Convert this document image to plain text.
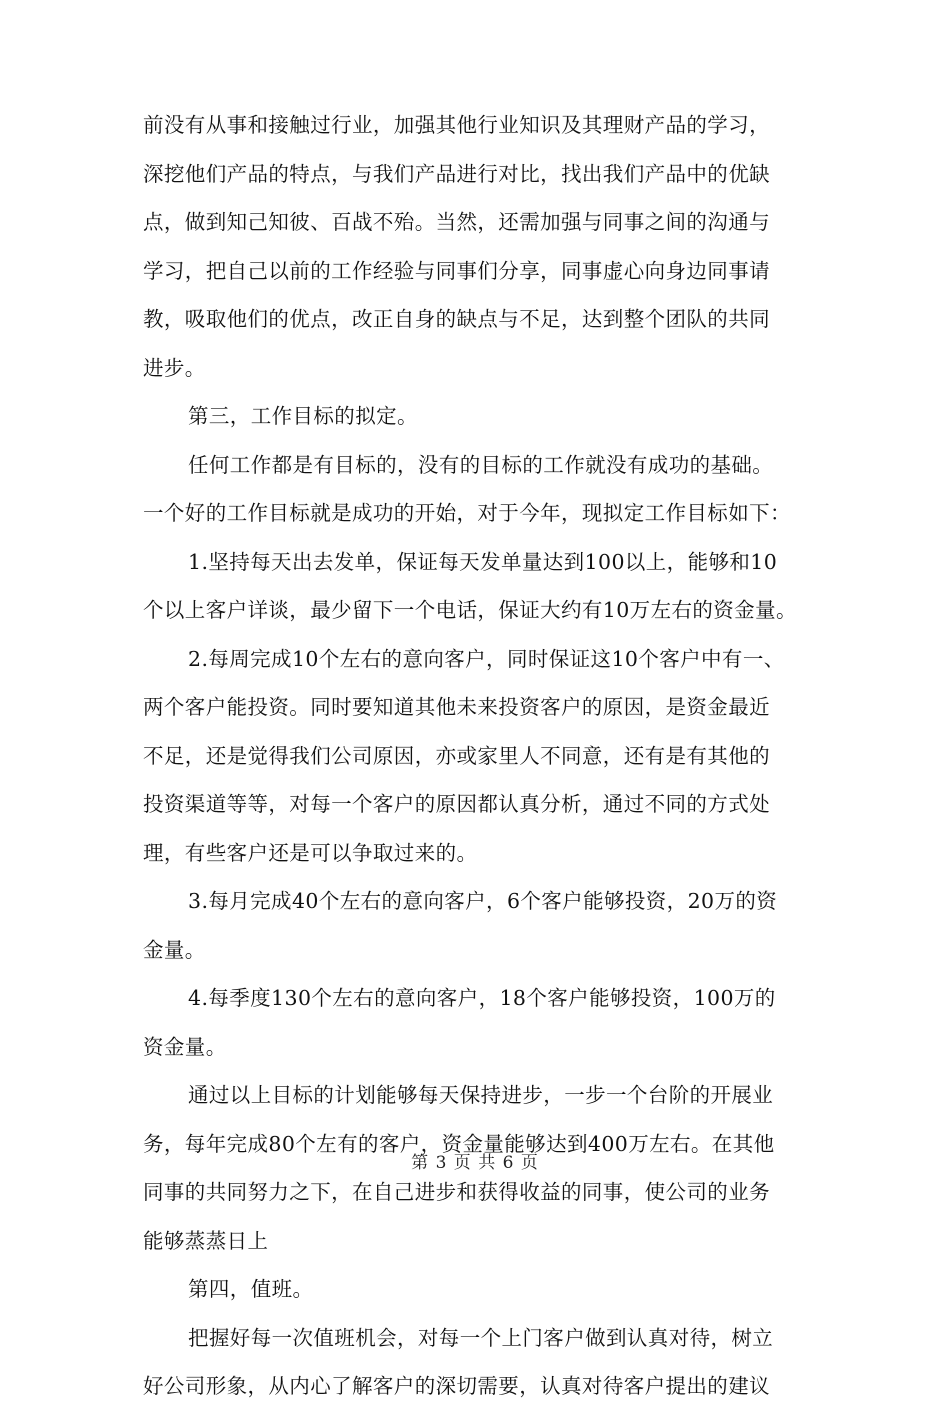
前没有从事和接触过行业，加强其他行业知识及其理财产品的学习，
深挖他们产品的特点，与我们产品进行对比，找出我们产品中的优缺
点，做到知己知彼、百战不殆。当然，还需加强与同事之间的沟通与
学习，把自己以前的工作经验与同事们分享，同事虚心向身边同事请
教，吸取他们的优点，改正自身的缺点与不足，达到整个团队的共同
进步。
第三，工作目标的拟定。
任何工作都是有目标的，没有的目标的工作就没有成功的基础。
一个好的工作目标就是成功的开始，对于今年，现拟定工作目标如下：
1.坚持每天出去发单，保证每天发单量达到100以上，能够和10
个以上客户详谈，最少留下一个电话，保证大约有10万左右的资金量。
2.每周完成10个左右的意向客户，同时保证这10个客户中有一、
两个客户能投资。同时要知道其他未来投资客户的原因，是资金最近
不足，还是觉得我们公司原因，亦或家里人不同意，还有是有其他的
投资渠道等等，对每一个客户的原因都认真分析，通过不同的方式处
理，有些客户还是可以争取过来的。
3.每月完成40个左右的意向客户，6个客户能够投资，20万的资
金量。
4.每季度130个左右的意向客户，18个客户能够投资，100万的
资金量。
通过以上目标的计划能够每天保持进步，一步一个台阶的开展业
务，每年完成80个左有的客户，资金量能够达到400万左右。在其他
同事的共同努力之下，在自己进步和获得收益的同事，使公司的业务
能够蒸蒸日上
第四，值班。
把握好每一次值班机会，对每一个上门客户做到认真对待，树立
好公司形象，从内心了解客户的深切需要，认真对待客户提出的建议
第 3 页 共 6 页
